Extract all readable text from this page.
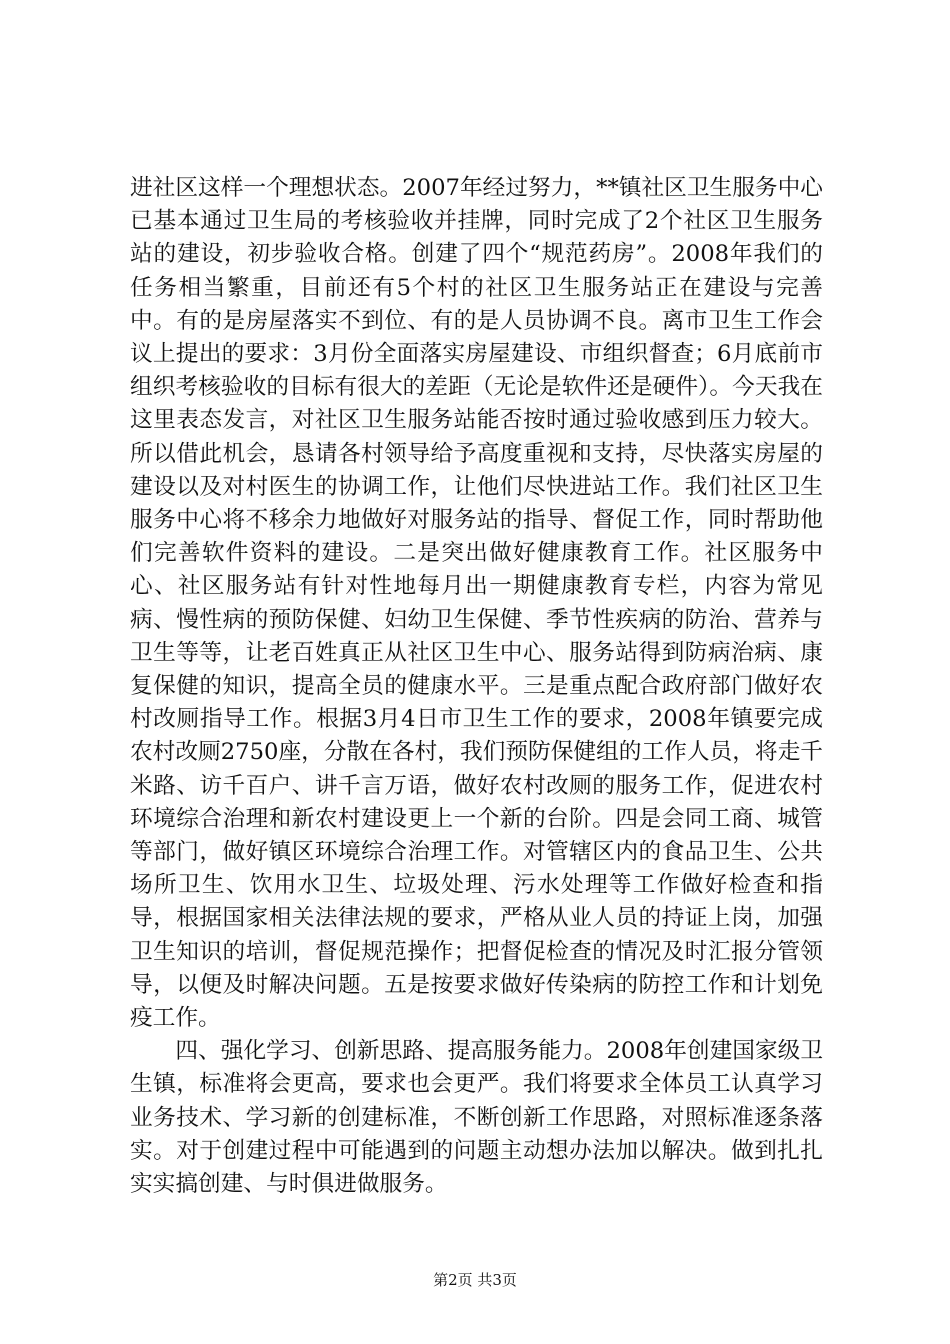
进社区这样一个理想状态。2007年经过努力，**镇社区卫生服务中心已基本通过卫生局的考核验收并挂牌，同时完成了2个社区卫生服务站的建设，初步验收合格。创建了四个“规范药房”。2008年我们的任务相当繁重，目前还有5个村的社区卫生服务站正在建设与完善中。有的是房屋落实不到位、有的是人员协调不良。离市卫生工作会议上提出的要求：3月份全面落实房屋建设、市组织督查；6月底前市组织考核验收的目标有很大的差距（无论是软件还是硬件）。今天我在这里表态发言，对社区卫生服务站能否按时通过验收感到压力较大。所以借此机会，恳请各村领导给予高度重视和支持，尽快落实房屋的建设以及对村医生的协调工作，让他们尽快进站工作。我们社区卫生服务中心将不移余力地做好对服务站的指导、督促工作，同时帮助他们完善软件资料的建设。二是突出做好健康教育工作。社区服务中心、社区服务站有针对性地每月出一期健康教育专栏，内容为常见病、慢性病的预防保健、妇幼卫生保健、季节性疾病的防治、营养与卫生等等，让老百姓真正从社区卫生中心、服务站得到防病治病、康复保健的知识，提高全员的健康水平。三是重点配合政府部门做好农村改厕指导工作。根据3月4日市卫生工作的要求，2008年镇要完成农村改厕2750座，分散在各村，我们预防保健组的工作人员，将走千米路、访千百户、讲千言万语，做好农村改厕的服务工作，促进农村环境综合治理和新农村建设更上一个新的台阶。四是会同工商、城管等部门，做好镇区环境综合治理工作。对管辖区内的食品卫生、公共场所卫生、饮用水卫生、垃圾处理、污水处理等工作做好检查和指导，根据国家相关法律法规的要求，严格从业人员的持证上岗，加强卫生知识的培训，督促规范操作；把督促检查的情况及时汇报分管领导，以便及时解决问题。五是按要求做好传染病的防控工作和计划免疫工作。

四、强化学习、创新思路、提高服务能力。2008年创建国家级卫生镇，标准将会更高，要求也会更严。我们将要求全体员工认真学习业务技术、学习新的创建标准，不断创新工作思路，对照标准逐条落实。对于创建过程中可能遇到的问题主动想办法加以解决。做到扎扎实实搞创建、与时俱进做服务。

第2页 共3页
